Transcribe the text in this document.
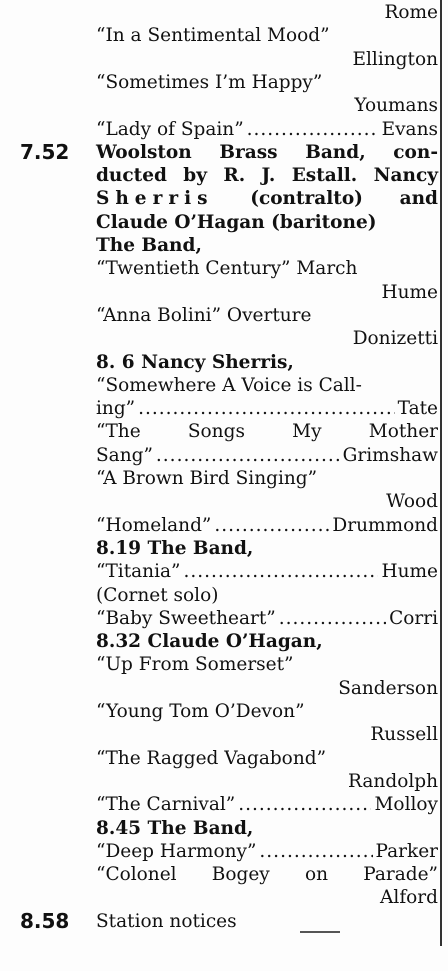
Rome
“In a Sentimental Mood”
Ellington
“Sometimes I’m Happy”
Youmans
“Lady of Spain” .....	Evans
7.52	Woolston Brass Band, con-
ducted by R. J. Estall. Nancy
Sherris (contralto) and
Claude O’Hagan (baritone)
The Band,
“Twentieth Century” March
Hume
“Anna Bolini” Overture
Donizetti
8. 6 Nancy Sherris,
“Somewhere A Voice is Call-
ing” .....	Tate
“The	Songs	My	Mother
Sang” .....	Grimshaw
“A Brown Bird Singing”
Wood
“Homeland” .....	Drummond
8.19 The Band,
“Titania” .....	Hume
(Cornet solo)
“Baby Sweetheart” .....	Corri
8.32 Claude O’Hagan,
“Up From Somerset”
Sanderson
“Young Tom O’Devon”
Russell
“The Ragged Vagabond”
Randolph
“The Carnival” .....	Molloy
8.45 The Band,
“Deep Harmony” .....	Parker
“Colonel Bogey on Parade”
Alford
8.58	Station notices
